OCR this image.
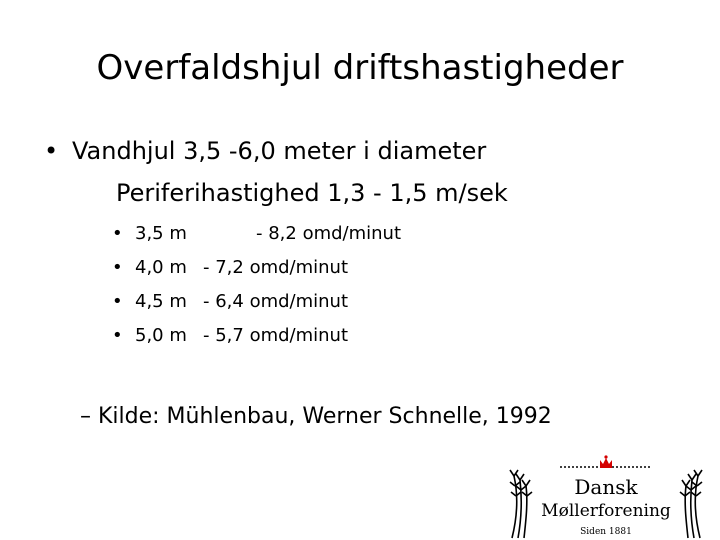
Overfaldshjul driftshastigheder
• Vandhjul 3,5 -6,0 meter i diameter
Periferihastighed 1,3 - 1,5 m/sek
• 3,5 m	- 8,2 omd/minut
• 4,0 m - 7,2 omd/minut
• 4,5 m - 6,4 omd/minut
• 5,0 m - 5,7 omd/minut
– Kilde: Mühlenbau, Werner Schnelle, 1992
Dansk
Møllerforening
Siden 1881
